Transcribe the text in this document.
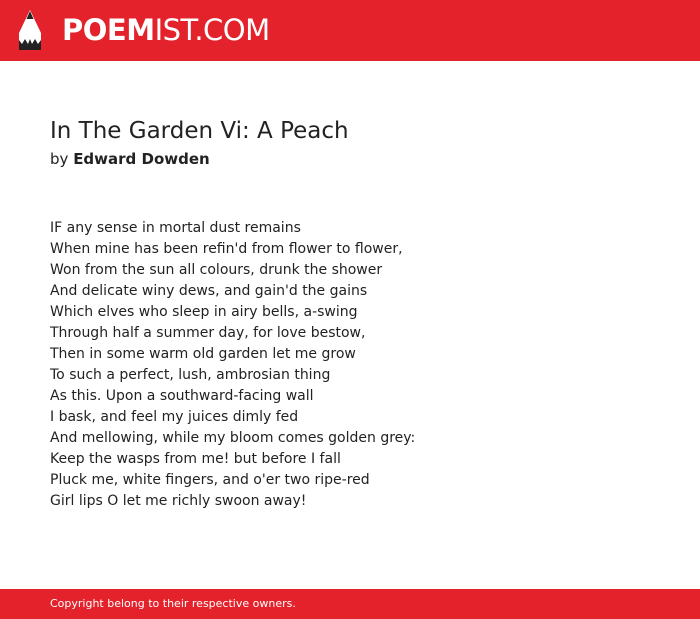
POEMIST.COM
In The Garden Vi: A Peach
by Edward Dowden
IF any sense in mortal dust remains
When mine has been refin'd from flower to flower,
Won from the sun all colours, drunk the shower
And delicate winy dews, and gain'd the gains
Which elves who sleep in airy bells, a-swing
Through half a summer day, for love bestow,
Then in some warm old garden let me grow
To such a perfect, lush, ambrosian thing
As this. Upon a southward-facing wall
I bask, and feel my juices dimly fed
And mellowing, while my bloom comes golden grey:
Keep the wasps from me! but before I fall
Pluck me, white fingers, and o'er two ripe-red
Girl lips O let me richly swoon away!
Copyright belong to their respective owners.
